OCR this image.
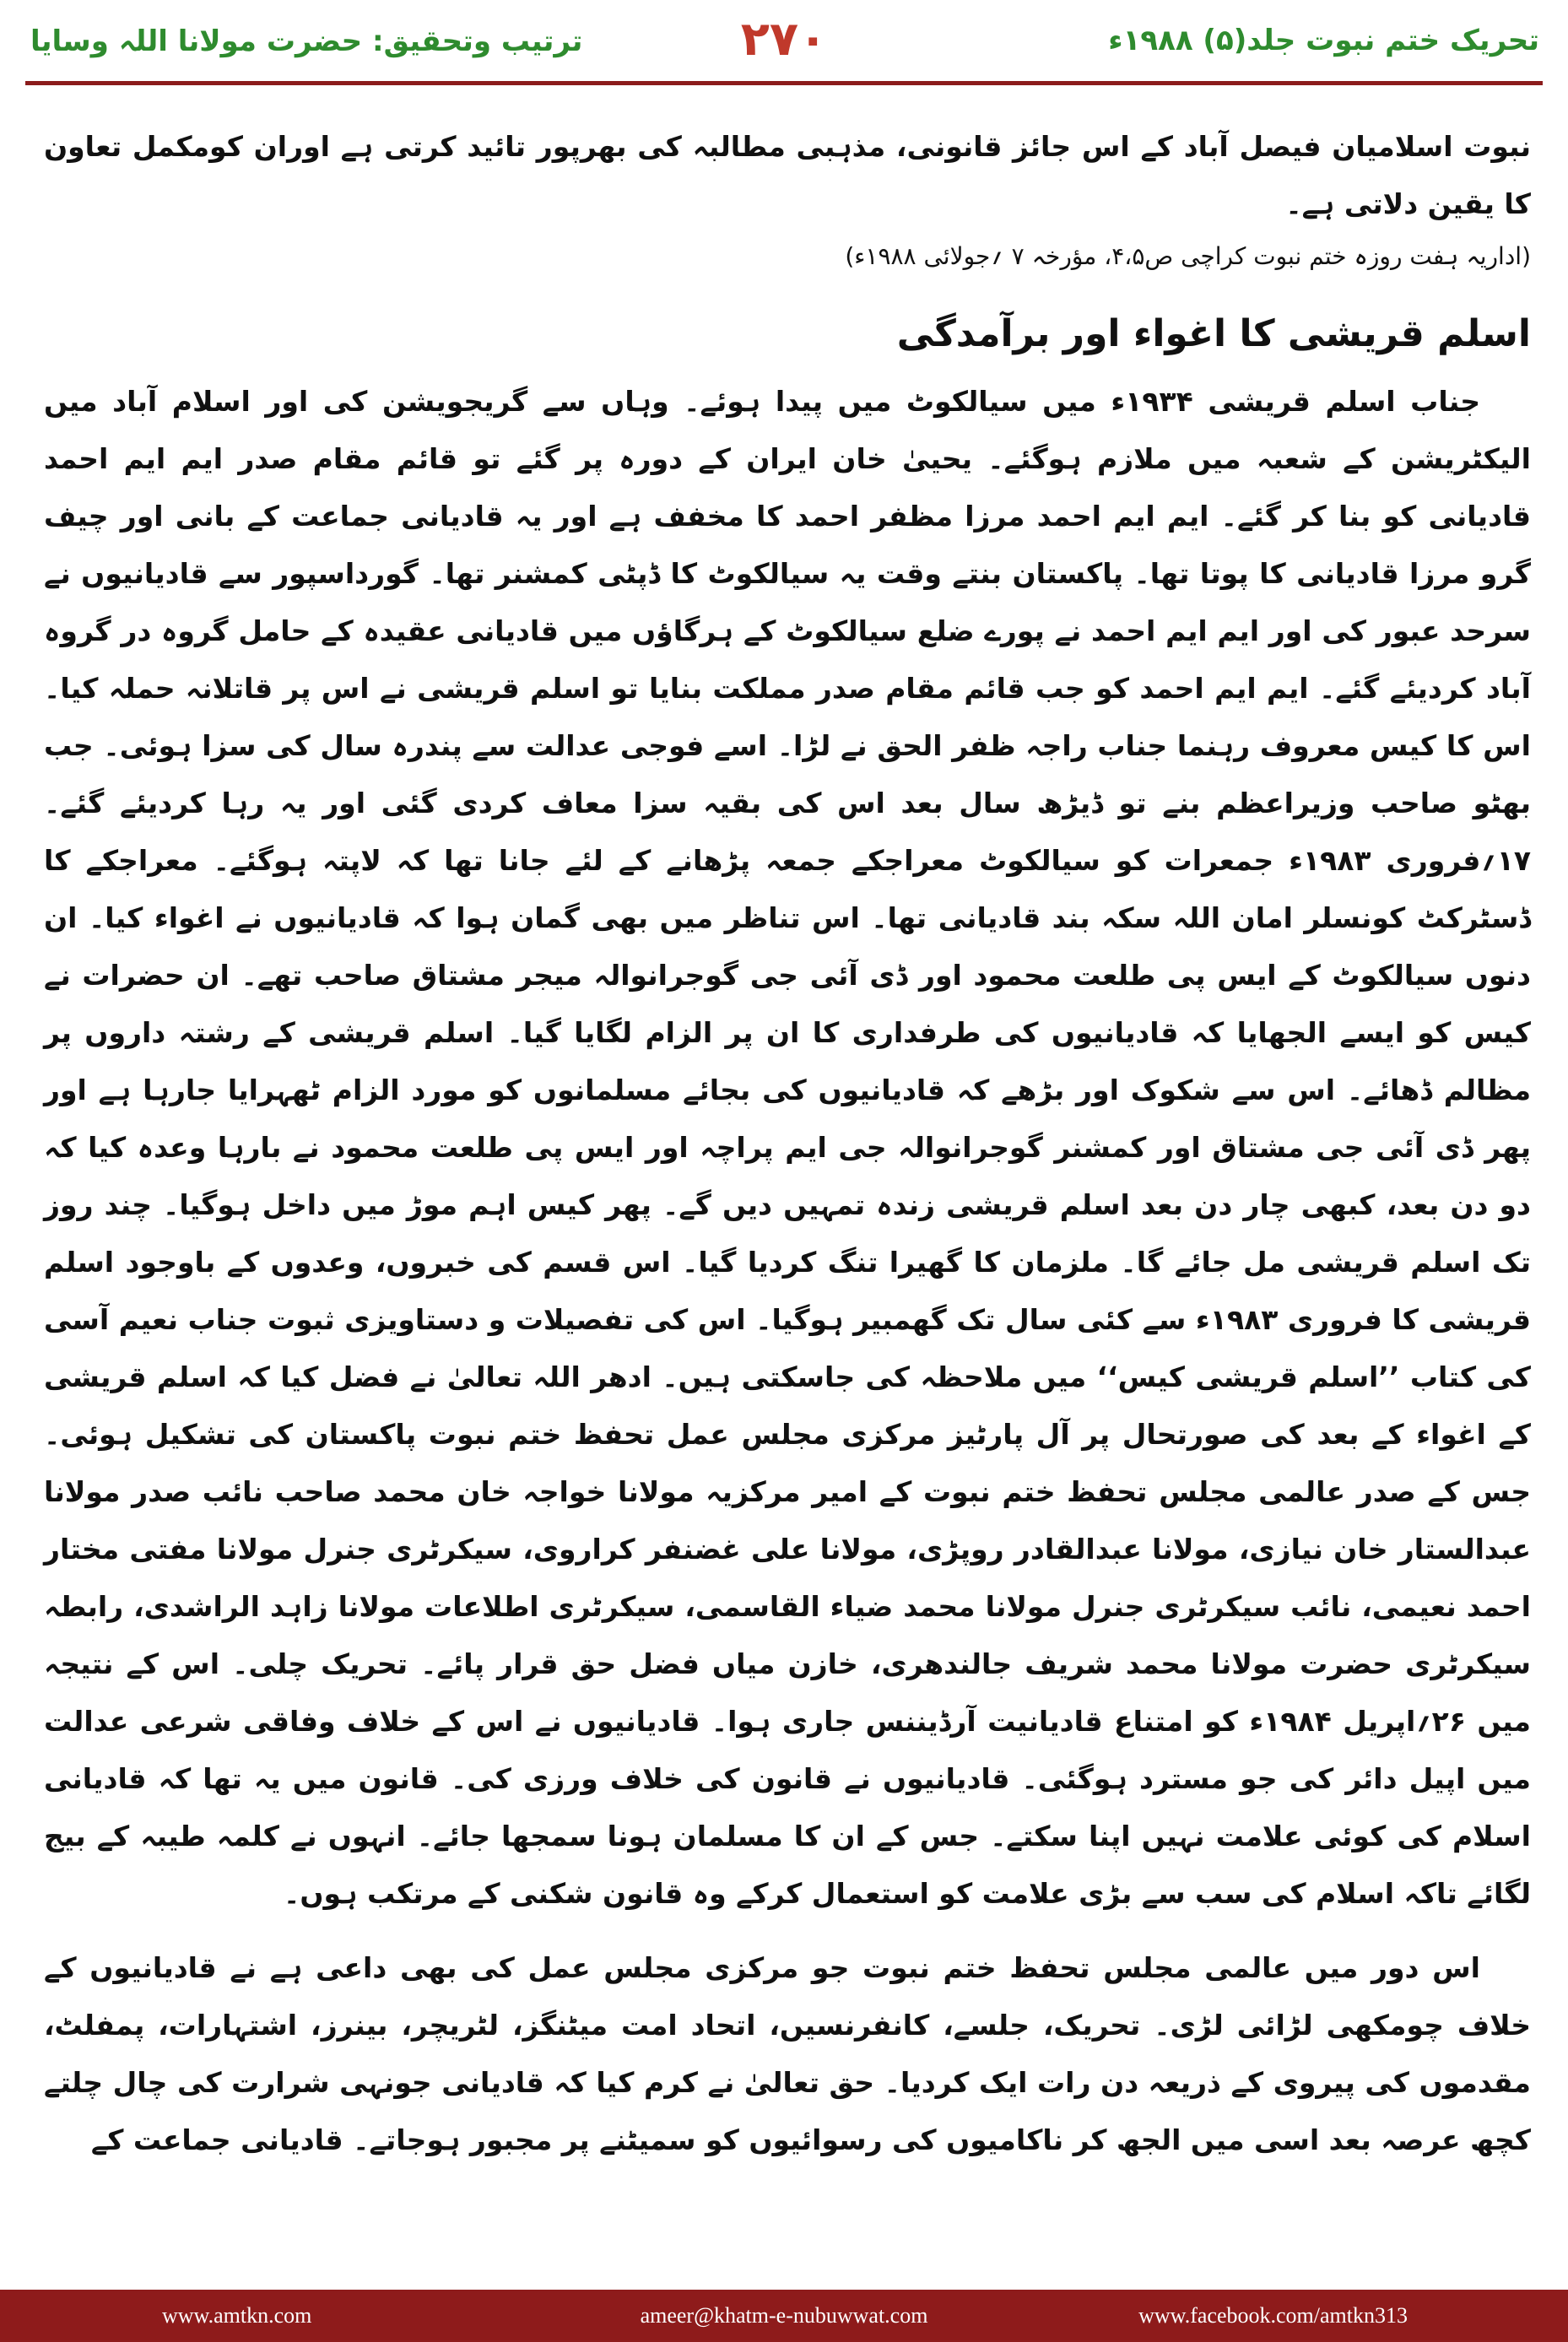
ترتیب وتحقیق: حضرت مولانا اللہ وسایا	۲۷۰	تحریک ختم نبوت جلد(۵) ۱۹۸۸ء

نبوت اسلامیان فیصل آباد کے اس جائز قانونی، مذہبی مطالبہ کی بھرپور تائید کرتی ہے اوران کومکمل تعاون کا یقین دلاتی ہے۔

(اداریہ ہفت روزہ ختم نبوت کراچی ص۴،۵، مؤرخہ ۷ ؍جولائی ۱۹۸۸ء)

اسلم قریشی کا اغواء اور برآمدگی

جناب اسلم قریشی ۱۹۳۴ء میں سیالکوٹ میں پیدا ہوئے۔ وہاں سے گریجویشن کی اور اسلام آباد میں الیکٹریشن کے شعبہ میں ملازم ہوگئے۔ یحییٰ خان ایران کے دورہ پر گئے تو قائم مقام صدر ایم ایم احمد قادیانی کو بنا کر گئے۔ ایم ایم احمد مرزا مظفر احمد کا مخفف ہے اور یہ قادیانی جماعت کے بانی اور چیف گرو مرزا قادیانی کا پوتا تھا۔ پاکستان بنتے وقت یہ سیالکوٹ کا ڈپٹی کمشنر تھا۔ گورداسپور سے قادیانیوں نے سرحد عبور کی اور ایم ایم احمد نے پورے ضلع سیالکوٹ کے ہرگاؤں میں قادیانی عقیدہ کے حامل گروہ در گروہ آباد کردیئے گئے۔ ایم ایم احمد کو جب قائم مقام صدر مملکت بنایا تو اسلم قریشی نے اس پر قاتلانہ حملہ کیا۔ اس کا کیس معروف رہنما جناب راجہ ظفر الحق نے لڑا۔ اسے فوجی عدالت سے پندرہ سال کی سزا ہوئی۔ جب بھٹو صاحب وزیراعظم بنے تو ڈیڑھ سال بعد اس کی بقیہ سزا معاف کردی گئی اور یہ رہا کردیئے گئے۔ ۱۷؍فروری ۱۹۸۳ء جمعرات کو سیالکوٹ معراجکے جمعہ پڑھانے کے لئے جانا تھا کہ لاپتہ ہوگئے۔ معراجکے کا ڈسٹرکٹ کونسلر امان اللہ سکہ بند قادیانی تھا۔ اس تناظر میں بھی گمان ہوا کہ قادیانیوں نے اغواء کیا۔ ان دنوں سیالکوٹ کے ایس پی طلعت محمود اور ڈی آئی جی گوجرانوالہ میجر مشتاق صاحب تھے۔ ان حضرات نے کیس کو ایسے الجھایا کہ قادیانیوں کی طرفداری کا ان پر الزام لگایا گیا۔ اسلم قریشی کے رشتہ داروں پر مظالم ڈھائے۔ اس سے شکوک اور بڑھے کہ قادیانیوں کی بجائے مسلمانوں کو مورد الزام ٹھہرایا جارہا ہے اور پھر ڈی آئی جی مشتاق اور کمشنر گوجرانوالہ جی ایم پراچہ اور ایس پی طلعت محمود نے بارہا وعدہ کیا کہ دو دن بعد، کبھی چار دن بعد اسلم قریشی زندہ تمہیں دیں گے۔ پھر کیس اہم موڑ میں داخل ہوگیا۔ چند روز تک اسلم قریشی مل جائے گا۔ ملزمان کا گھیرا تنگ کردیا گیا۔ اس قسم کی خبروں، وعدوں کے باوجود اسلم قریشی کا فروری ۱۹۸۳ء سے کئی سال تک گھمبیر ہوگیا۔ اس کی تفصیلات و دستاویزی ثبوت جناب نعیم آسی کی کتاب ’’اسلم قریشی کیس‘‘ میں ملاحظہ کی جاسکتی ہیں۔ ادھر اللہ تعالیٰ نے فضل کیا کہ اسلم قریشی کے اغواء کے بعد کی صورتحال پر آل پارٹیز مرکزی مجلس عمل تحفظ ختم نبوت پاکستان کی تشکیل ہوئی۔ جس کے صدر عالمی مجلس تحفظ ختم نبوت کے امیر مرکزیہ مولانا خواجہ خان محمد صاحب نائب صدر مولانا عبدالستار خان نیازی، مولانا عبدالقادر روپڑی، مولانا علی غضنفر کراروی، سیکرٹری جنرل مولانا مفتی مختار احمد نعیمی، نائب سیکرٹری جنرل مولانا محمد ضیاء القاسمی، سیکرٹری اطلاعات مولانا زاہد الراشدی، رابطہ سیکرٹری حضرت مولانا محمد شریف جالندھری، خازن میاں فضل حق قرار پائے۔ تحریک چلی۔ اس کے نتیجہ میں ۲۶؍اپریل ۱۹۸۴ء کو امتناع قادیانیت آرڈیننس جاری ہوا۔ قادیانیوں نے اس کے خلاف وفاقی شرعی عدالت میں اپیل دائر کی جو مسترد ہوگئی۔ قادیانیوں نے قانون کی خلاف ورزی کی۔ قانون میں یہ تھا کہ قادیانی اسلام کی کوئی علامت نہیں اپنا سکتے۔ جس کے ان کا مسلمان ہونا سمجھا جائے۔ انہوں نے کلمہ طیبہ کے بیج لگائے تاکہ اسلام کی سب سے بڑی علامت کو استعمال کرکے وہ قانون شکنی کے مرتکب ہوں۔

اس دور میں عالمی مجلس تحفظ ختم نبوت جو مرکزی مجلس عمل کی بھی داعی ہے نے قادیانیوں کے خلاف چومکھی لڑائی لڑی۔ تحریک، جلسے، کانفرنسیں، اتحاد امت میٹنگز، لٹریچر، بینرز، اشتہارات، پمفلٹ، مقدموں کی پیروی کے ذریعہ دن رات ایک کردیا۔ حق تعالیٰ نے کرم کیا کہ قادیانی جونہی شرارت کی چال چلتے کچھ عرصہ بعد اسی میں الجھ کر ناکامیوں کی رسوائیوں کو سمیٹنے پر مجبور ہوجاتے۔ قادیانی جماعت کے

www.amtkn.com	ameer@khatm-e-nubuwwat.com	www.facebook.com/amtkn313
